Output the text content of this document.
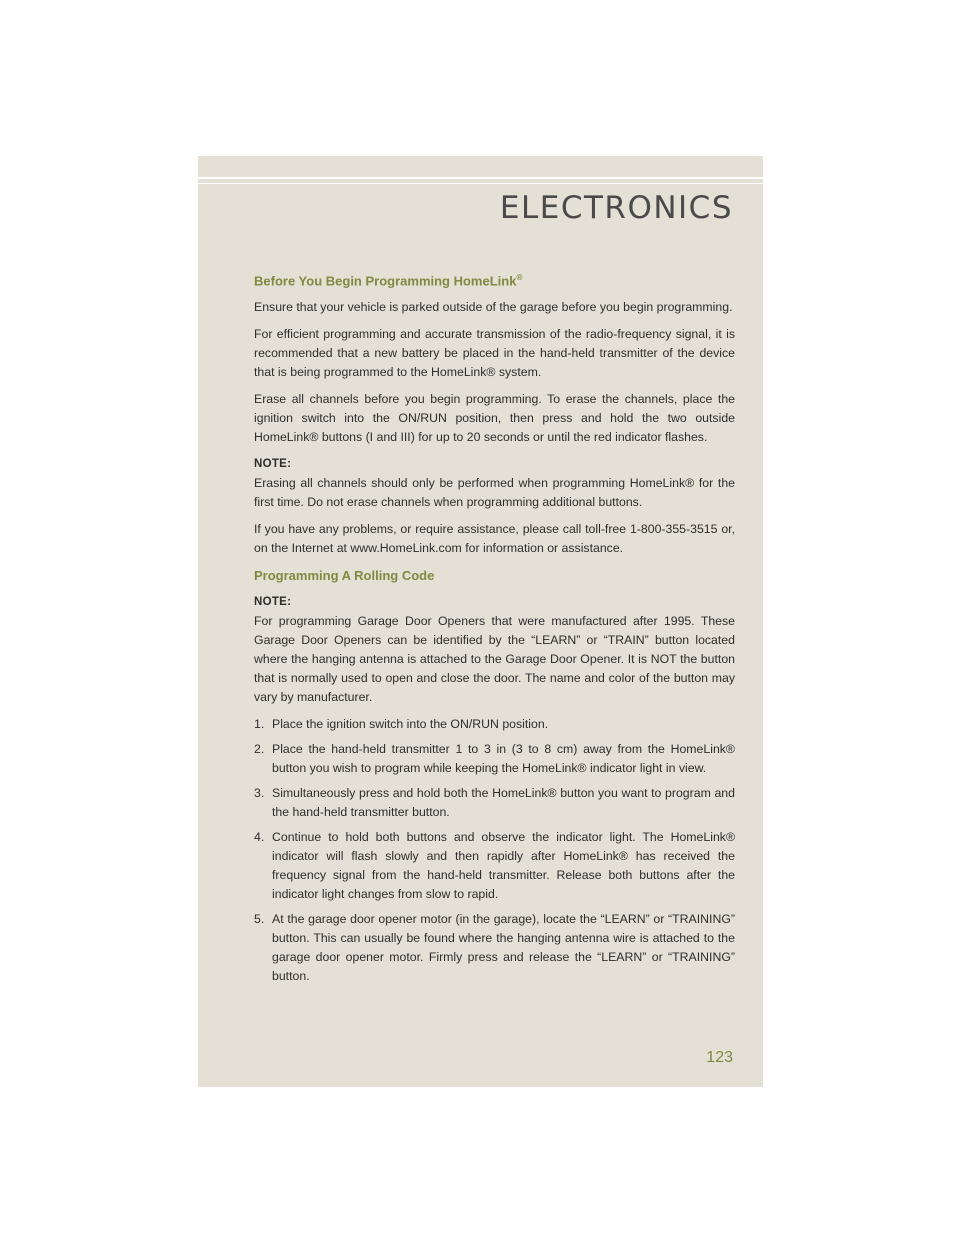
ELECTRONICS
Before You Begin Programming HomeLink®

Ensure that your vehicle is parked outside of the garage before you begin programming.

For efficient programming and accurate transmission of the radio-frequency signal, it is recommended that a new battery be placed in the hand-held transmitter of the device that is being programmed to the HomeLink® system.

Erase all channels before you begin programming. To erase the channels, place the ignition switch into the ON/RUN position, then press and hold the two outside HomeLink® buttons (I and III) for up to 20 seconds or until the red indicator flashes.

NOTE:
Erasing all channels should only be performed when programming HomeLink® for the first time. Do not erase channels when programming additional buttons.

If you have any problems, or require assistance, please call toll-free 1-800-355-3515 or, on the Internet at www.HomeLink.com for information or assistance.

Programming A Rolling Code

NOTE:
For programming Garage Door Openers that were manufactured after 1995. These Garage Door Openers can be identified by the “LEARN” or “TRAIN” button located where the hanging antenna is attached to the Garage Door Opener. It is NOT the button that is normally used to open and close the door. The name and color of the button may vary by manufacturer.

1. Place the ignition switch into the ON/RUN position.
2. Place the hand-held transmitter 1 to 3 in (3 to 8 cm) away from the HomeLink® button you wish to program while keeping the HomeLink® indicator light in view.
3. Simultaneously press and hold both the HomeLink® button you want to program and the hand-held transmitter button.
4. Continue to hold both buttons and observe the indicator light. The HomeLink® indicator will flash slowly and then rapidly after HomeLink® has received the frequency signal from the hand-held transmitter. Release both buttons after the indicator light changes from slow to rapid.
5. At the garage door opener motor (in the garage), locate the “LEARN” or “TRAINING” button. This can usually be found where the hanging antenna wire is attached to the garage door opener motor. Firmly press and release the “LEARN” or “TRAINING” button.
123
